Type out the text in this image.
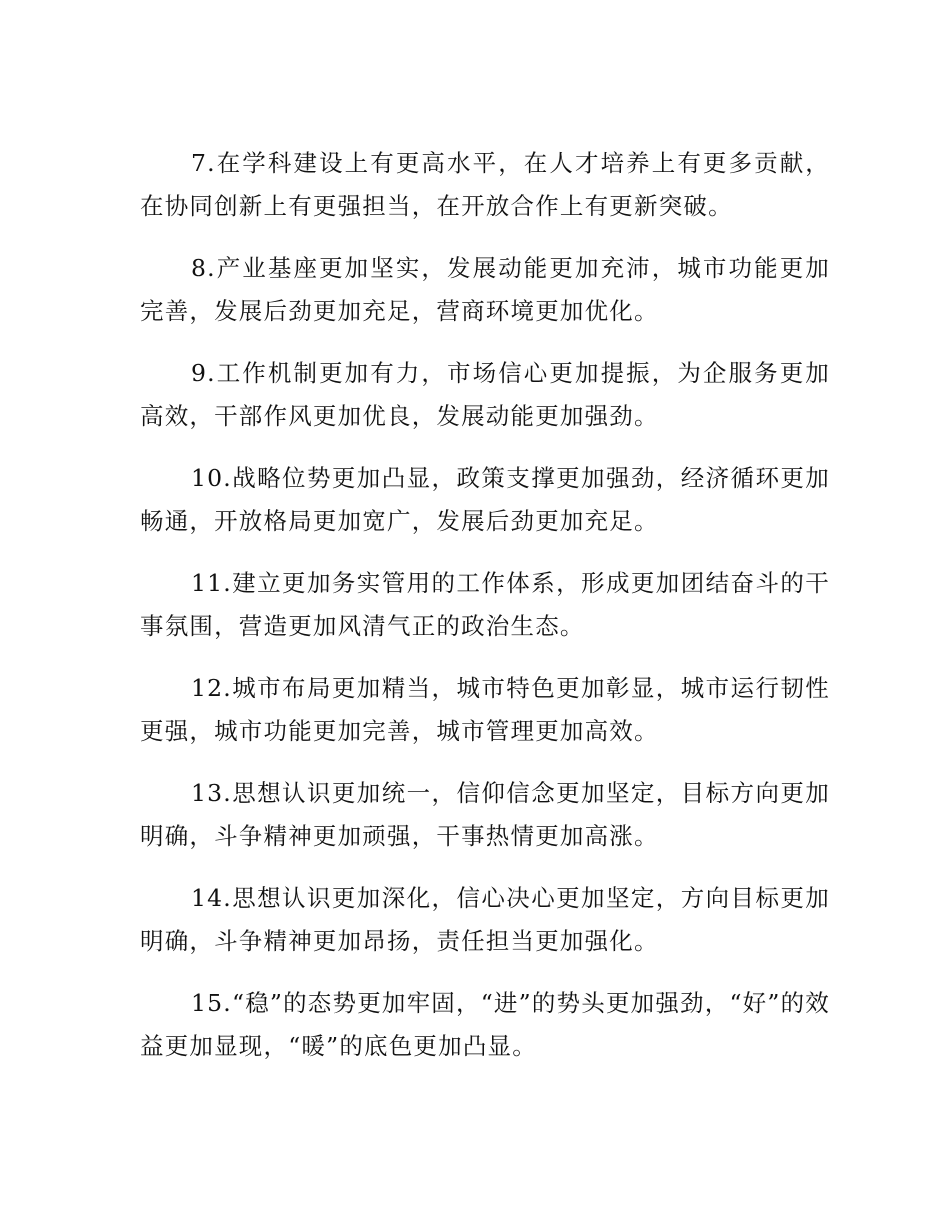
7.在学科建设上有更高水平，在人才培养上有更多贡献，在协同创新上有更强担当，在开放合作上有更新突破。

8.产业基座更加坚实，发展动能更加充沛，城市功能更加完善，发展后劲更加充足，营商环境更加优化。

9.工作机制更加有力，市场信心更加提振，为企服务更加高效，干部作风更加优良，发展动能更加强劲。

10.战略位势更加凸显，政策支撑更加强劲，经济循环更加畅通，开放格局更加宽广，发展后劲更加充足。

11.建立更加务实管用的工作体系，形成更加团结奋斗的干事氛围，营造更加风清气正的政治生态。

12.城市布局更加精当，城市特色更加彰显，城市运行韧性更强，城市功能更加完善，城市管理更加高效。

13.思想认识更加统一，信仰信念更加坚定，目标方向更加明确，斗争精神更加顽强，干事热情更加高涨。

14.思想认识更加深化，信心决心更加坚定，方向目标更加明确，斗争精神更加昂扬，责任担当更加强化。

15.“稳”的态势更加牢固，“进”的势头更加强劲，“好”的效益更加显现，“暖”的底色更加凸显。
